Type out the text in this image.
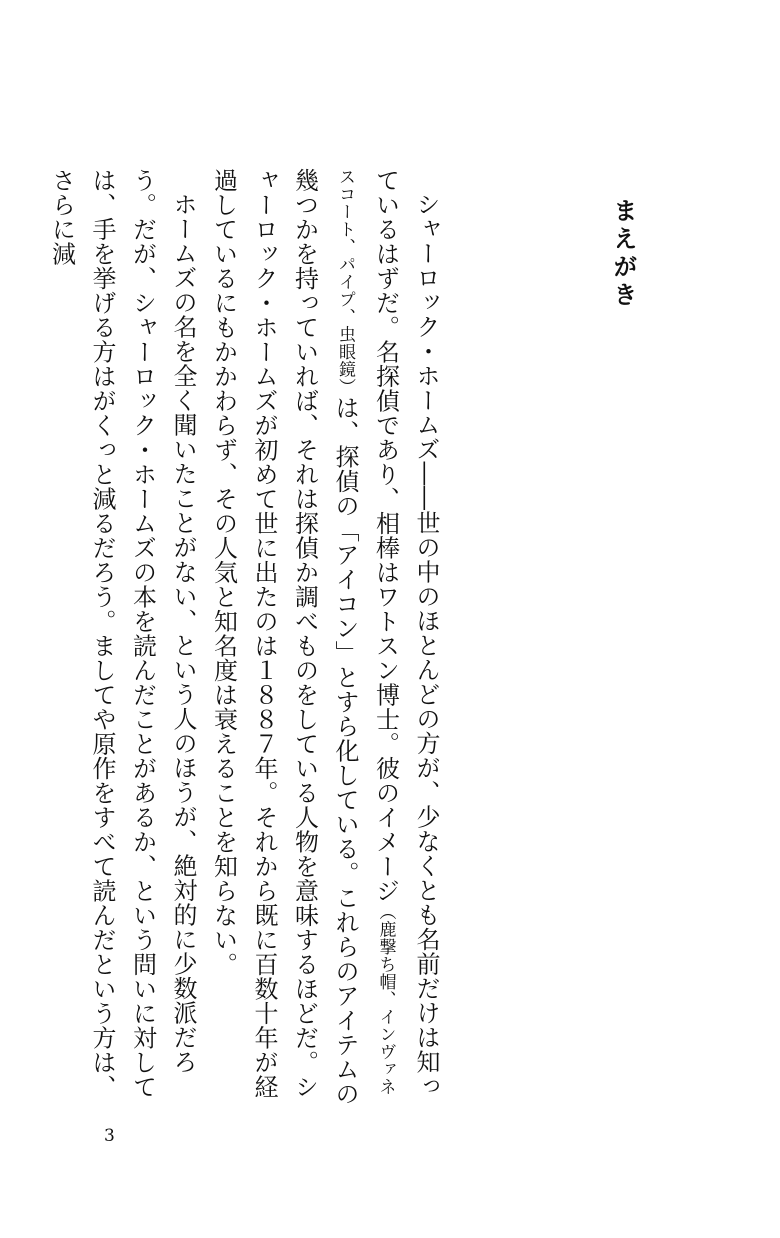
まえがき

シャーロック・ホームズ――世の中のほとんどの方が、少なくとも名前だけは知っているはずだ。名探偵であり、相棒はワトスン博士。彼のイメージ（鹿撃ち帽、インヴァネスコート、パイプ、虫眼鏡）は、探偵の「アイコン」とすら化している。これらのアイテムの幾つかを持っていれば、それは探偵か調べものをしている人物を意味するほどだ。シャーロック・ホームズが初めて世に出たのは１８８７年。それから既に百数十年が経過しているにもかかわらず、その人気と知名度は衰えることを知らない。

ホームズの名を全く聞いたことがない、という人のほうが、絶対的に少数派だろう。だが、シャーロック・ホームズの本を読んだことがあるか、という問いに対しては、手を挙げる方はがくっと減るだろう。ましてや原作をすべて読んだという方は、さらに減

3
